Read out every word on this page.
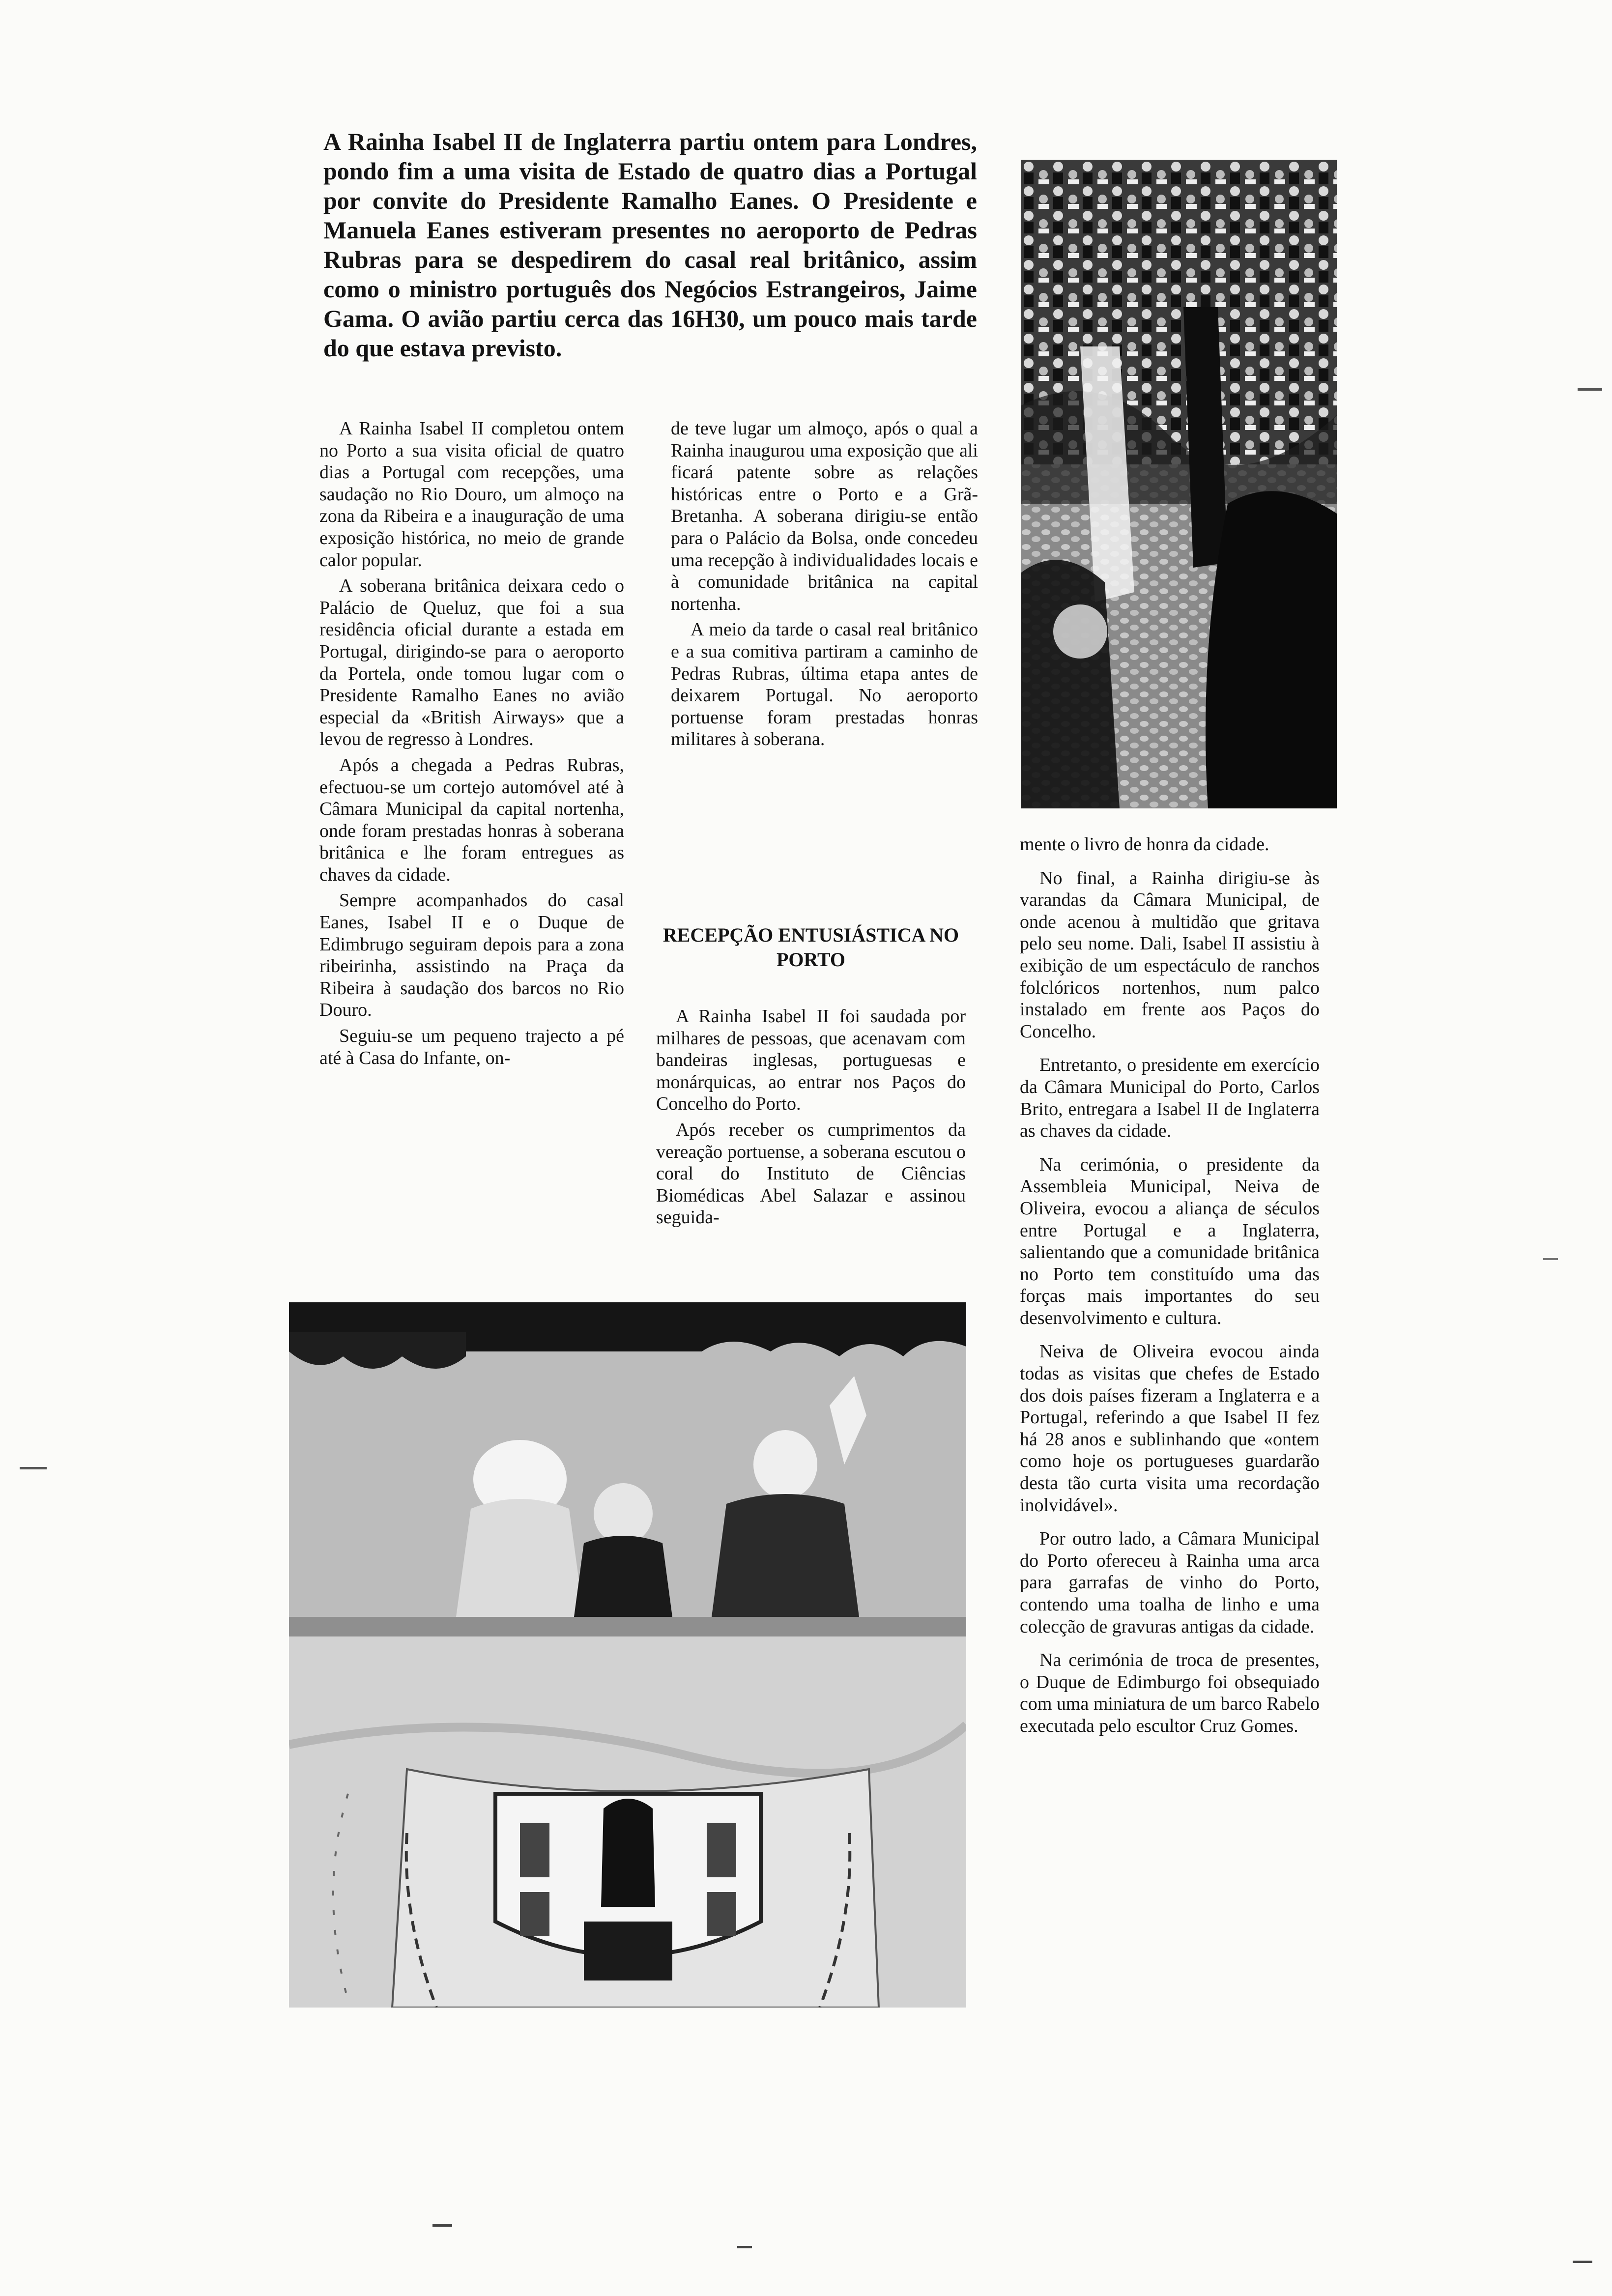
A Rainha Isabel II de Inglaterra partiu ontem para Londres, pondo fim a uma visita de Estado de quatro dias a Portugal por convite do Presidente Ramalho Eanes. O Presidente e Manuela Eanes estiveram presentes no aeroporto de Pedras Rubras para se despedirem do casal real britânico, assim como o ministro português dos Negócios Estrangeiros, Jaime Gama. O avião partiu cerca das 16H30, um pouco mais tarde do que estava previsto.

A Rainha Isabel II completou ontem no Porto a sua visita oficial de quatro dias a Portugal com recepções, uma saudação no Rio Douro, um almoço na zona da Ribeira e a inauguração de uma exposição histórica, no meio de grande calor popular.

A soberana britânica deixara cedo o Palácio de Queluz, que foi a sua residência oficial durante a estada em Portugal, dirigindo-se para o aeroporto da Portela, onde tomou lugar com o Presidente Ramalho Eanes no avião especial da «British Airways» que a levou de regresso à Londres.

Após a chegada a Pedras Rubras, efectuou-se um cortejo automóvel até à Câmara Municipal da capital nortenha, onde foram prestadas honras à soberana britânica e lhe foram entregues as chaves da cidade.

Sempre acompanhados do casal Eanes, Isabel II e o Duque de Edimbrugo seguiram depois para a zona ribeirinha, assistindo na Praça da Ribeira à saudação dos barcos no Rio Douro.

Seguiu-se um pequeno trajecto a pé até à Casa do Infante, on-

de teve lugar um almoço, após o qual a Rainha inaugurou uma exposição que ali ficará patente sobre as relações históricas entre o Porto e a Grã-Bretanha. A soberana dirigiu-se então para o Palácio da Bolsa, onde concedeu uma recepção à individualidades locais e à comunidade britânica na capital nortenha.

A meio da tarde o casal real britânico e a sua comitiva partiram a caminho de Pedras Rubras, última etapa antes de deixarem Portugal. No aeroporto portuense foram prestadas honras militares à soberana.

RECEPÇÃO ENTUSIÁSTICA NO PORTO

A Rainha Isabel II foi saudada por milhares de pessoas, que acenavam com bandeiras inglesas, portuguesas e monárquicas, ao entrar nos Paços do Concelho do Porto.

Após receber os cumprimentos da vereação portuense, a soberana escutou o coral do Instituto de Ciências Biomédicas Abel Salazar e assinou seguida-

mente o livro de honra da cidade.

No final, a Rainha dirigiu-se às varandas da Câmara Municipal, de onde acenou à multidão que gritava pelo seu nome. Dali, Isabel II assistiu à exibição de um espectáculo de ranchos folclóricos nortenhos, num palco instalado em frente aos Paços do Concelho.

Entretanto, o presidente em exercício da Câmara Municipal do Porto, Carlos Brito, entregara a Isabel II de Inglaterra as chaves da cidade.

Na cerimónia, o presidente da Assembleia Municipal, Neiva de Oliveira, evocou a aliança de séculos entre Portugal e a Inglaterra, salientando que a comunidade britânica no Porto tem constituído uma das forças mais importantes do seu desenvolvimento e cultura.

Neiva de Oliveira evocou ainda todas as visitas que chefes de Estado dos dois países fizeram a Inglaterra e a Portugal, referindo a que Isabel II fez há 28 anos e sublinhando que «ontem como hoje os portugueses guardarão desta tão curta visita uma recordação inolvidável».

Por outro lado, a Câmara Municipal do Porto ofereceu à Rainha uma arca para garrafas de vinho do Porto, contendo uma toalha de linho e uma colecção de gravuras antigas da cidade.

Na cerimónia de troca de presentes, o Duque de Edimburgo foi obsequiado com uma miniatura de um barco Rabelo executada pelo escultor Cruz Gomes.
